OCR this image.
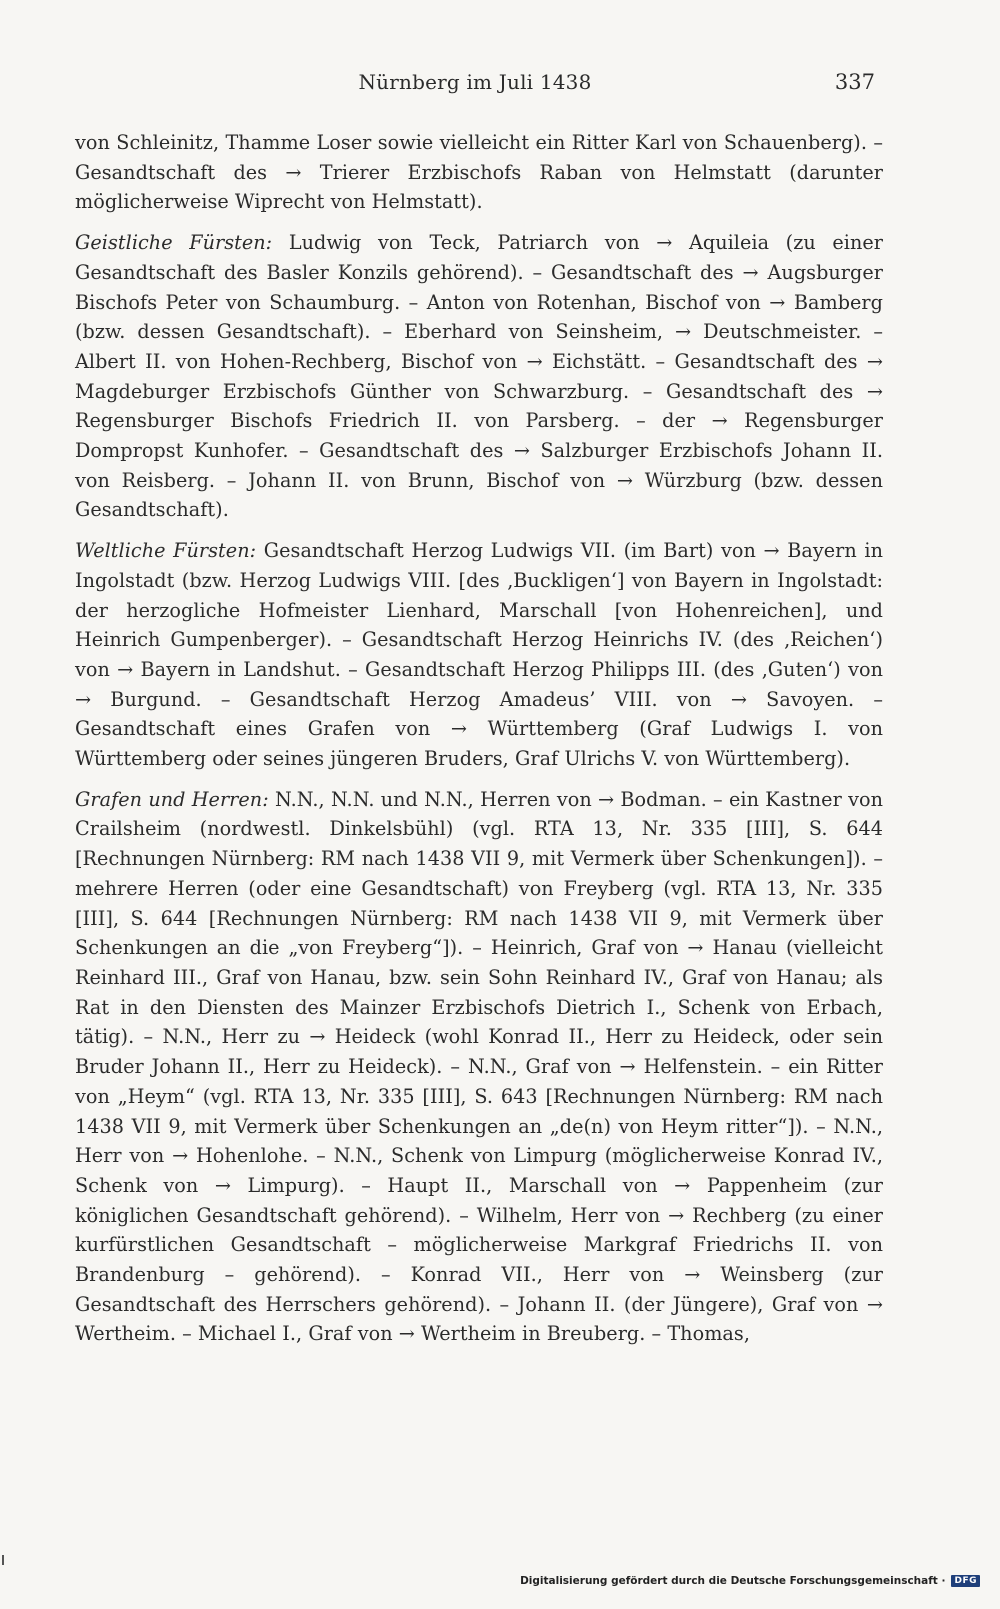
Nürnberg im Juli 1438	337

von Schleinitz, Thamme Loser sowie vielleicht ein Ritter Karl von Schauenberg). – Gesandtschaft des → Trierer Erzbischofs Raban von Helmstatt (darunter möglicherweise Wiprecht von Helmstatt).

Geistliche Fürsten: Ludwig von Teck, Patriarch von → Aquileia (zu einer Gesandtschaft des Basler Konzils gehörend). – Gesandtschaft des → Augsburger Bischofs Peter von Schaumburg. – Anton von Rotenhan, Bischof von → Bamberg (bzw. dessen Gesandtschaft). – Eberhard von Seinsheim, → Deutschmeister. – Albert II. von Hohen-Rechberg, Bischof von → Eichstätt. – Gesandtschaft des → Magdeburger Erzbischofs Günther von Schwarzburg. – Gesandtschaft des → Regensburger Bischofs Friedrich II. von Parsberg. – der → Regensburger Dompropst Kunhofer. – Gesandtschaft des → Salzburger Erzbischofs Johann II. von Reisberg. – Johann II. von Brunn, Bischof von → Würzburg (bzw. dessen Gesandtschaft).

Weltliche Fürsten: Gesandtschaft Herzog Ludwigs VII. (im Bart) von → Bayern in Ingolstadt (bzw. Herzog Ludwigs VIII. [des ‚Buckligen‘] von Bayern in Ingolstadt: der herzogliche Hofmeister Lienhard, Marschall [von Hohenreichen], und Heinrich Gumpenberger). – Gesandtschaft Herzog Heinrichs IV. (des ‚Reichen‘) von → Bayern in Landshut. – Gesandtschaft Herzog Philipps III. (des ‚Guten‘) von → Burgund. – Gesandtschaft Herzog Amadeus’ VIII. von → Savoyen. – Gesandtschaft eines Grafen von → Württemberg (Graf Ludwigs I. von Württemberg oder seines jüngeren Bruders, Graf Ulrichs V. von Württemberg).

Grafen und Herren: N.N., N.N. und N.N., Herren von → Bodman. – ein Kastner von Crailsheim (nordwestl. Dinkelsbühl) (vgl. RTA 13, Nr. 335 [III], S. 644 [Rechnungen Nürnberg: RM nach 1438 VII 9, mit Vermerk über Schenkungen]). – mehrere Herren (oder eine Gesandtschaft) von Freyberg (vgl. RTA 13, Nr. 335 [III], S. 644 [Rechnungen Nürnberg: RM nach 1438 VII 9, mit Vermerk über Schenkungen an die „von Freyberg“]). – Heinrich, Graf von → Hanau (vielleicht Reinhard III., Graf von Hanau, bzw. sein Sohn Reinhard IV., Graf von Hanau; als Rat in den Diensten des Mainzer Erzbischofs Dietrich I., Schenk von Erbach, tätig). – N.N., Herr zu → Heideck (wohl Konrad II., Herr zu Heideck, oder sein Bruder Johann II., Herr zu Heideck). – N.N., Graf von → Helfenstein. – ein Ritter von „Heym“ (vgl. RTA 13, Nr. 335 [III], S. 643 [Rechnungen Nürnberg: RM nach 1438 VII 9, mit Vermerk über Schenkungen an „de(n) von Heym ritter“]). – N.N., Herr von → Hohenlohe. – N.N., Schenk von Limpurg (möglicherweise Konrad IV., Schenk von → Limpurg). – Haupt II., Marschall von → Pappenheim (zur königlichen Gesandtschaft gehörend). – Wilhelm, Herr von → Rechberg (zu einer kurfürstlichen Gesandtschaft – möglicherweise Markgraf Friedrichs II. von Brandenburg – gehörend). – Konrad VII., Herr von → Weinsberg (zur Gesandtschaft des Herrschers gehörend). – Johann II. (der Jüngere), Graf von → Wertheim. – Michael I., Graf von → Wertheim in Breuberg. – Thomas,

Digitalisierung gefördert durch die Deutsche Forschungsgemeinschaft ·	DFG
